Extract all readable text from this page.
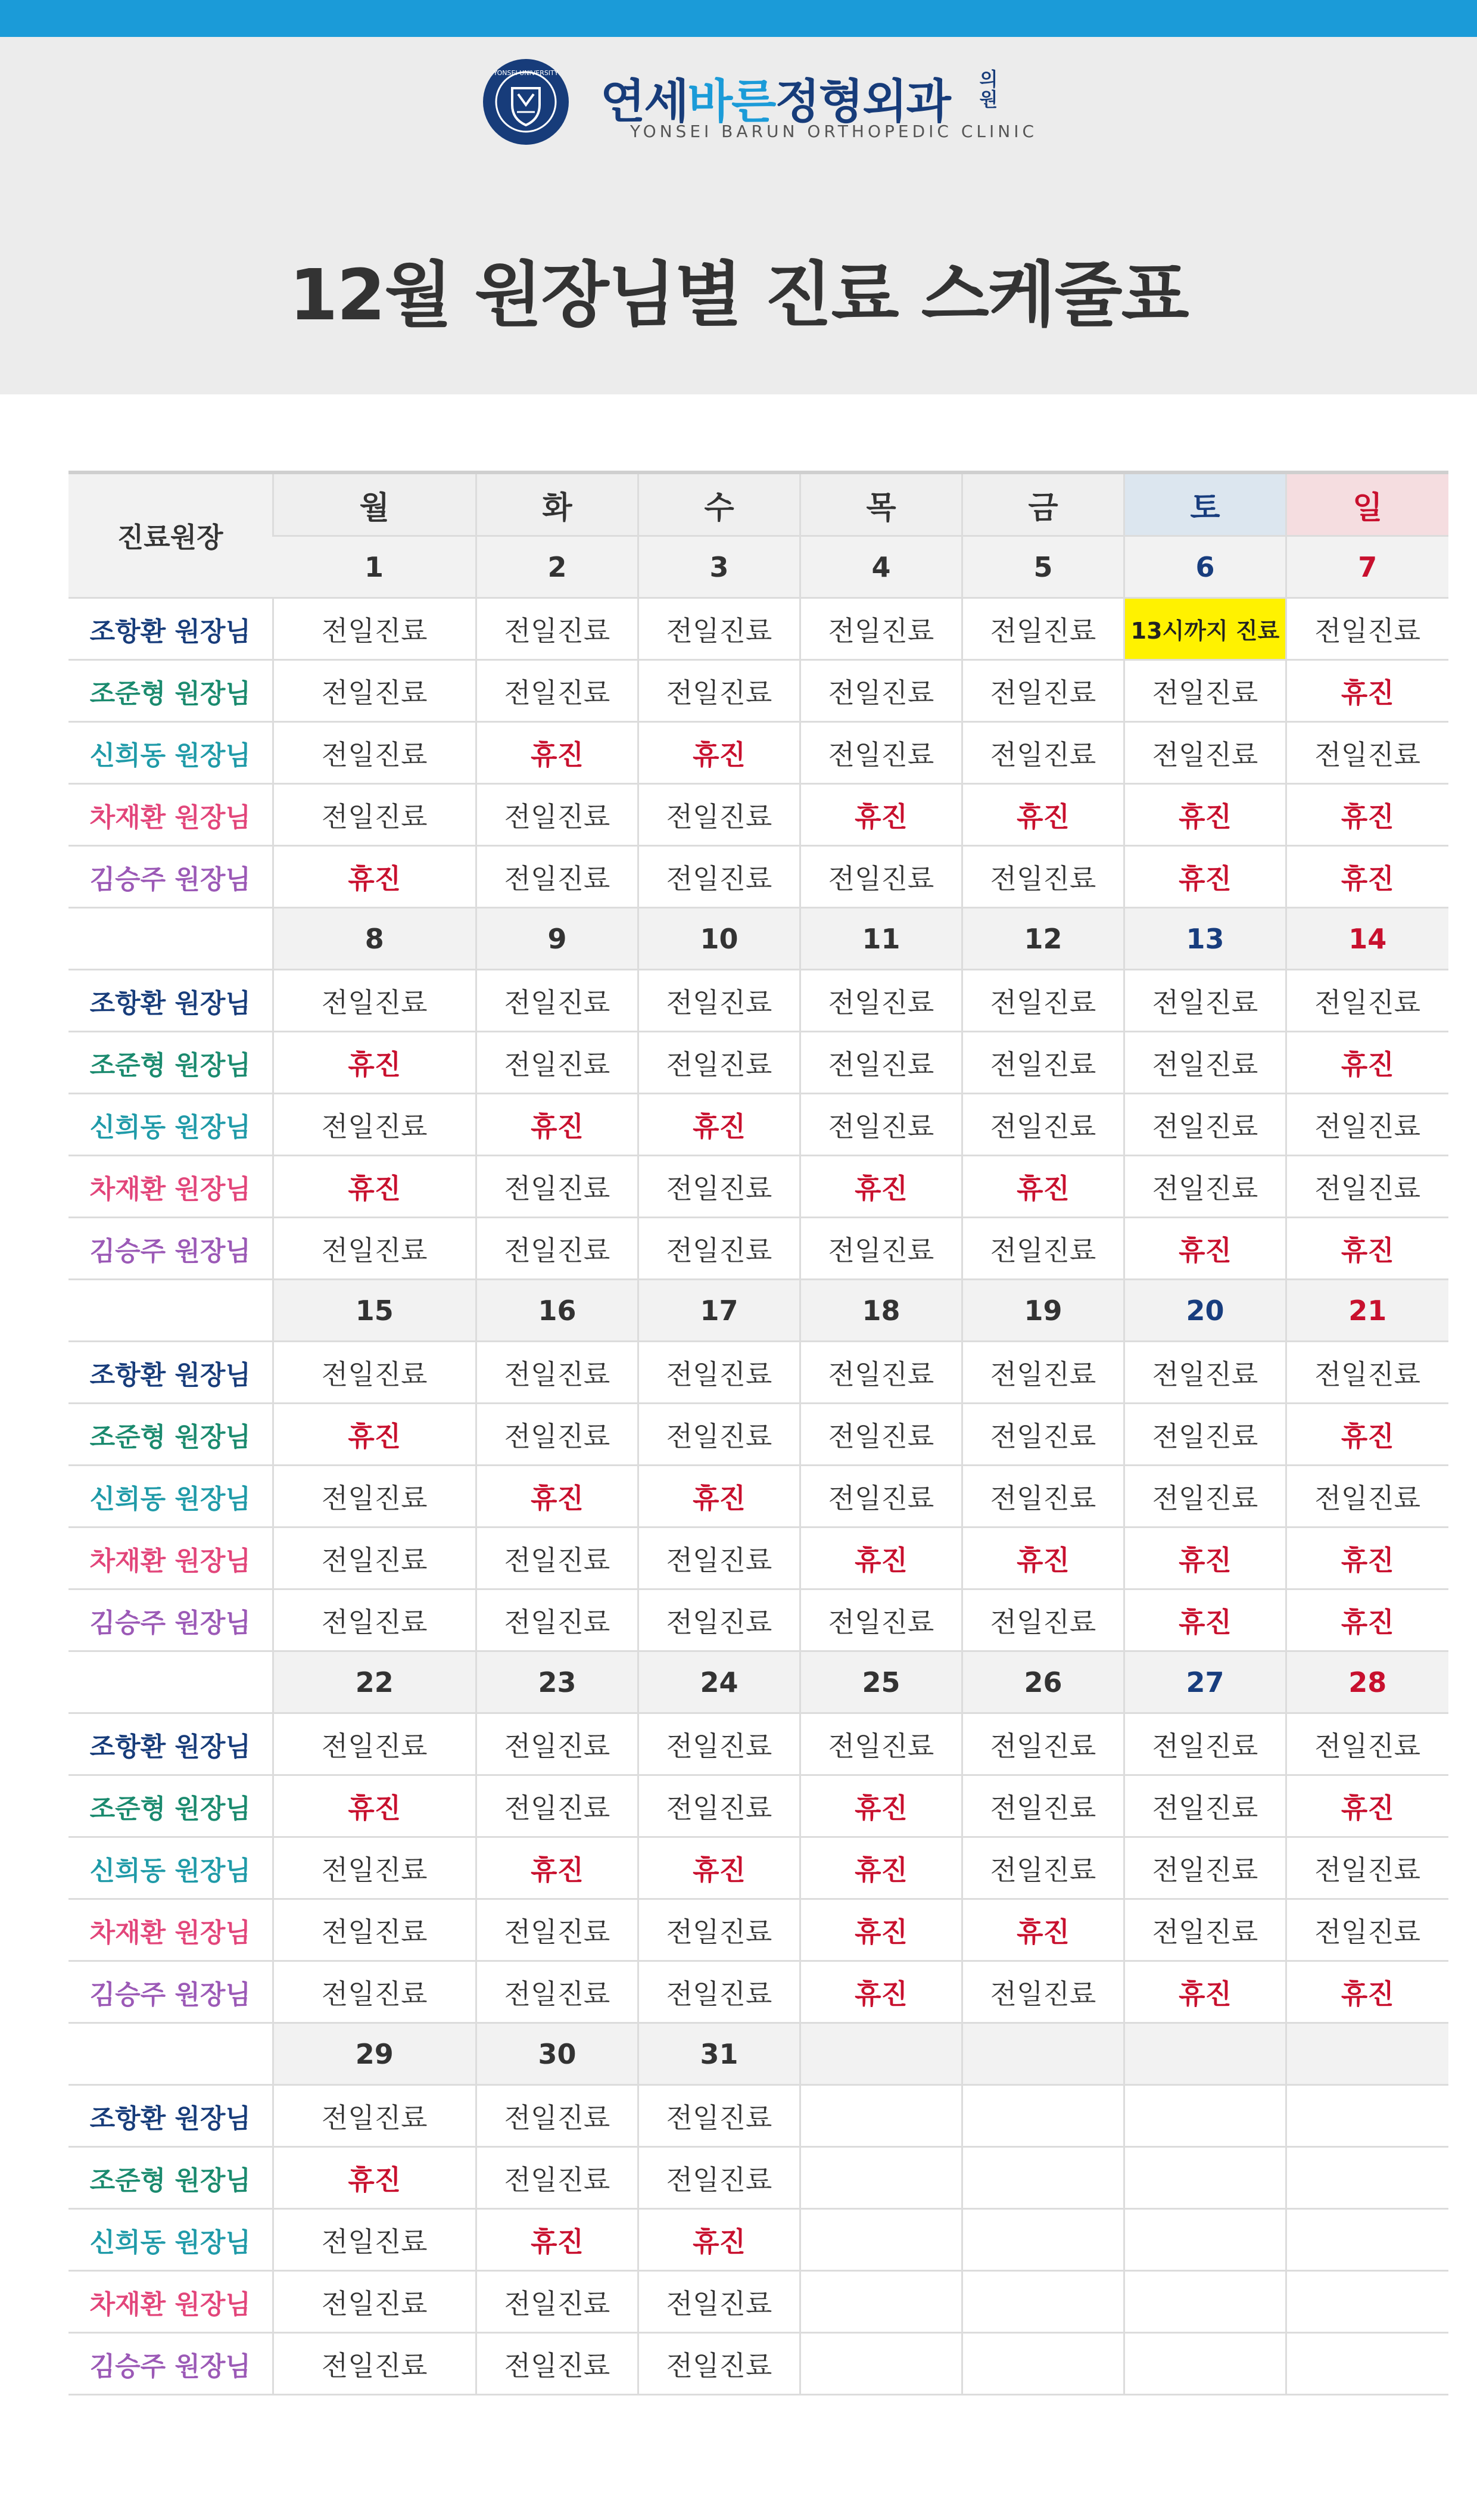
YONSEI UNIVERSITY
연세바른정형외과 의원
YONSEI BARUN ORTHOPEDIC CLINIC
12월 원장님별 진료 스케줄표
진료원장	월	화	수	목	금	토	일
	1	2	3	4	5	6	7
조항환 원장님	전일진료	전일진료	전일진료	전일진료	전일진료	13시까지 진료	전일진료
조준형 원장님	전일진료	전일진료	전일진료	전일진료	전일진료	전일진료	휴진
신희동 원장님	전일진료	휴진	휴진	전일진료	전일진료	전일진료	전일진료
차재환 원장님	전일진료	전일진료	전일진료	휴진	휴진	휴진	휴진
김승주 원장님	휴진	전일진료	전일진료	전일진료	전일진료	휴진	휴진
	8	9	10	11	12	13	14
조항환 원장님	전일진료	전일진료	전일진료	전일진료	전일진료	전일진료	전일진료
조준형 원장님	휴진	전일진료	전일진료	전일진료	전일진료	전일진료	휴진
신희동 원장님	전일진료	휴진	휴진	전일진료	전일진료	전일진료	전일진료
차재환 원장님	휴진	전일진료	전일진료	휴진	휴진	전일진료	전일진료
김승주 원장님	전일진료	전일진료	전일진료	전일진료	전일진료	휴진	휴진
	15	16	17	18	19	20	21
조항환 원장님	전일진료	전일진료	전일진료	전일진료	전일진료	전일진료	전일진료
조준형 원장님	휴진	전일진료	전일진료	전일진료	전일진료	전일진료	휴진
신희동 원장님	전일진료	휴진	휴진	전일진료	전일진료	전일진료	전일진료
차재환 원장님	전일진료	전일진료	전일진료	휴진	휴진	휴진	휴진
김승주 원장님	전일진료	전일진료	전일진료	전일진료	전일진료	휴진	휴진
	22	23	24	25	26	27	28
조항환 원장님	전일진료	전일진료	전일진료	전일진료	전일진료	전일진료	전일진료
조준형 원장님	휴진	전일진료	전일진료	휴진	전일진료	전일진료	휴진
신희동 원장님	전일진료	휴진	휴진	휴진	전일진료	전일진료	전일진료
차재환 원장님	전일진료	전일진료	전일진료	휴진	휴진	전일진료	전일진료
김승주 원장님	전일진료	전일진료	전일진료	휴진	전일진료	휴진	휴진
	29	30	31				
조항환 원장님	전일진료	전일진료	전일진료				
조준형 원장님	휴진	전일진료	전일진료				
신희동 원장님	전일진료	휴진	휴진				
차재환 원장님	전일진료	전일진료	전일진료				
김승주 원장님	전일진료	전일진료	전일진료				
